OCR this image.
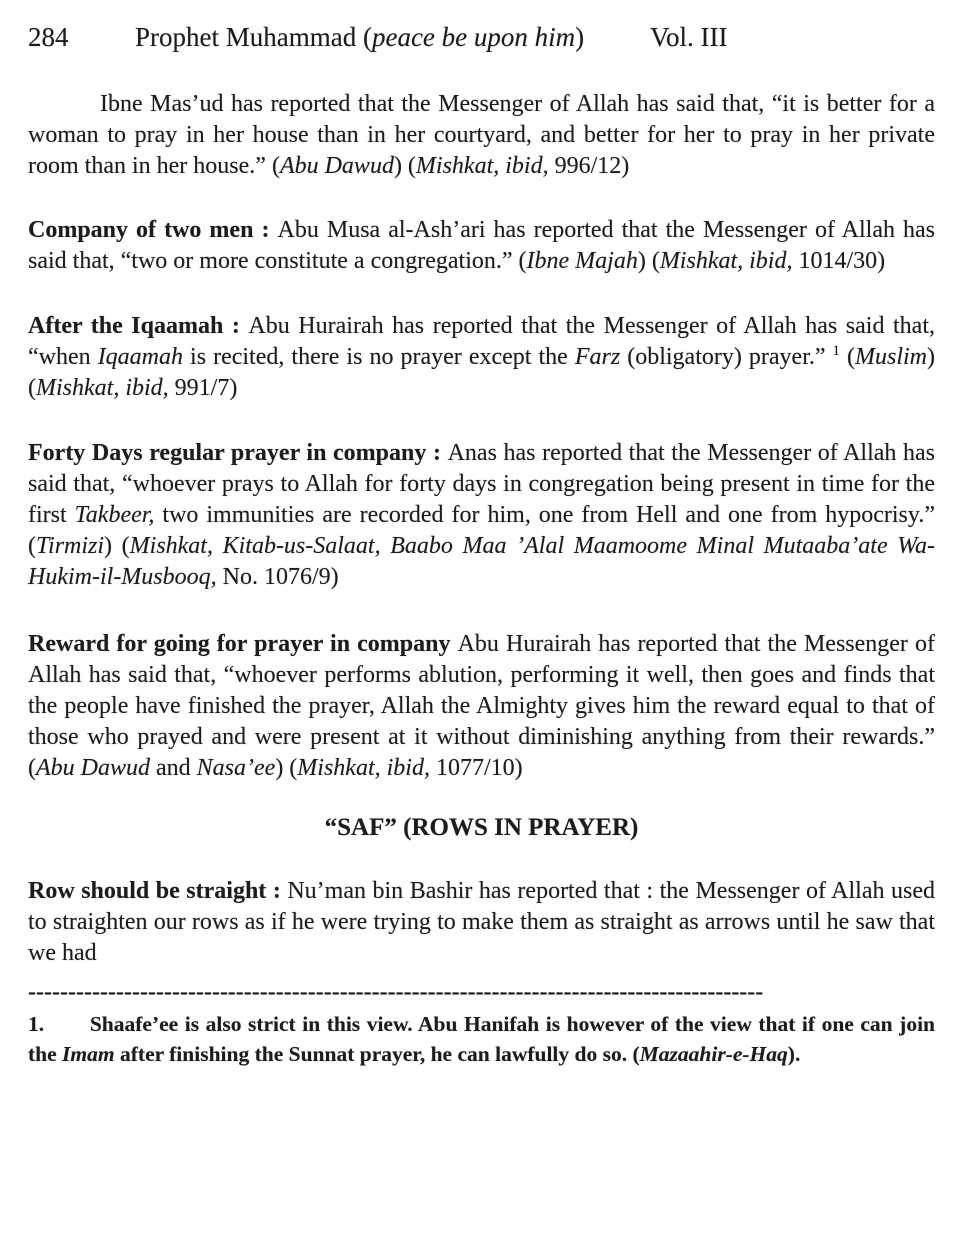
284 Prophet Muhammad (peace be upon him) Vol. III

Ibne Mas’ud has reported that the Messenger of Allah has said that, “it is better for a woman to pray in her house than in her courtyard, and better for her to pray in her private room than in her house.” (Abu Dawud) (Mishkat, ibid, 996/12)

Company of two men : Abu Musa al-Ash’ari has reported that the Messenger of Allah has said that, “two or more constitute a congregation.” (Ibne Majah) (Mishkat, ibid, 1014/30)

After the Iqaamah : Abu Hurairah has reported that the Messenger of Allah has said that, “when Iqaamah is recited, there is no prayer except the Farz (obligatory) prayer.” $^1$ (Muslim) (Mishkat, ibid, 991/7)

Forty Days regular prayer in company : Anas has reported that the Messenger of Allah has said that, “whoever prays to Allah for forty days in congregation being present in time for the first Takbeer, two immunities are recorded for him, one from Hell and one from hypocrisy.” (Tirmizi) (Mishkat, Kitab-us-Salaat, Baabo Maa ’Alal Maamoome Minal Mutaaba’ate Wa- Hukim-il-Musbooq, No. 1076/9)

Reward for going for prayer in company Abu Hurairah has reported that the Messenger of Allah has said that, “whoever performs ablution, performing it well, then goes and finds that the people have finished the prayer, Allah the Almighty gives him the reward equal to that of those who prayed and were present at it without diminishing anything from their rewards.” (Abu Dawud and Nasa’ee) (Mishkat, ibid, 1077/10)

“SAF” (ROWS IN PRAYER)

Row should be straight : Nu’man bin Bashir has reported that : the Messenger of Allah used to straighten our rows as if he were trying to make them as straight as arrows until he saw that we had

--------------------------------------------------------------------------------------------

1.       Shaafe’ee is also strict in this view. Abu Hanifah is however of the view that if one can join the Imam after finishing the Sunnat prayer, he can lawfully do so. (Mazaahir-e-Haq).
